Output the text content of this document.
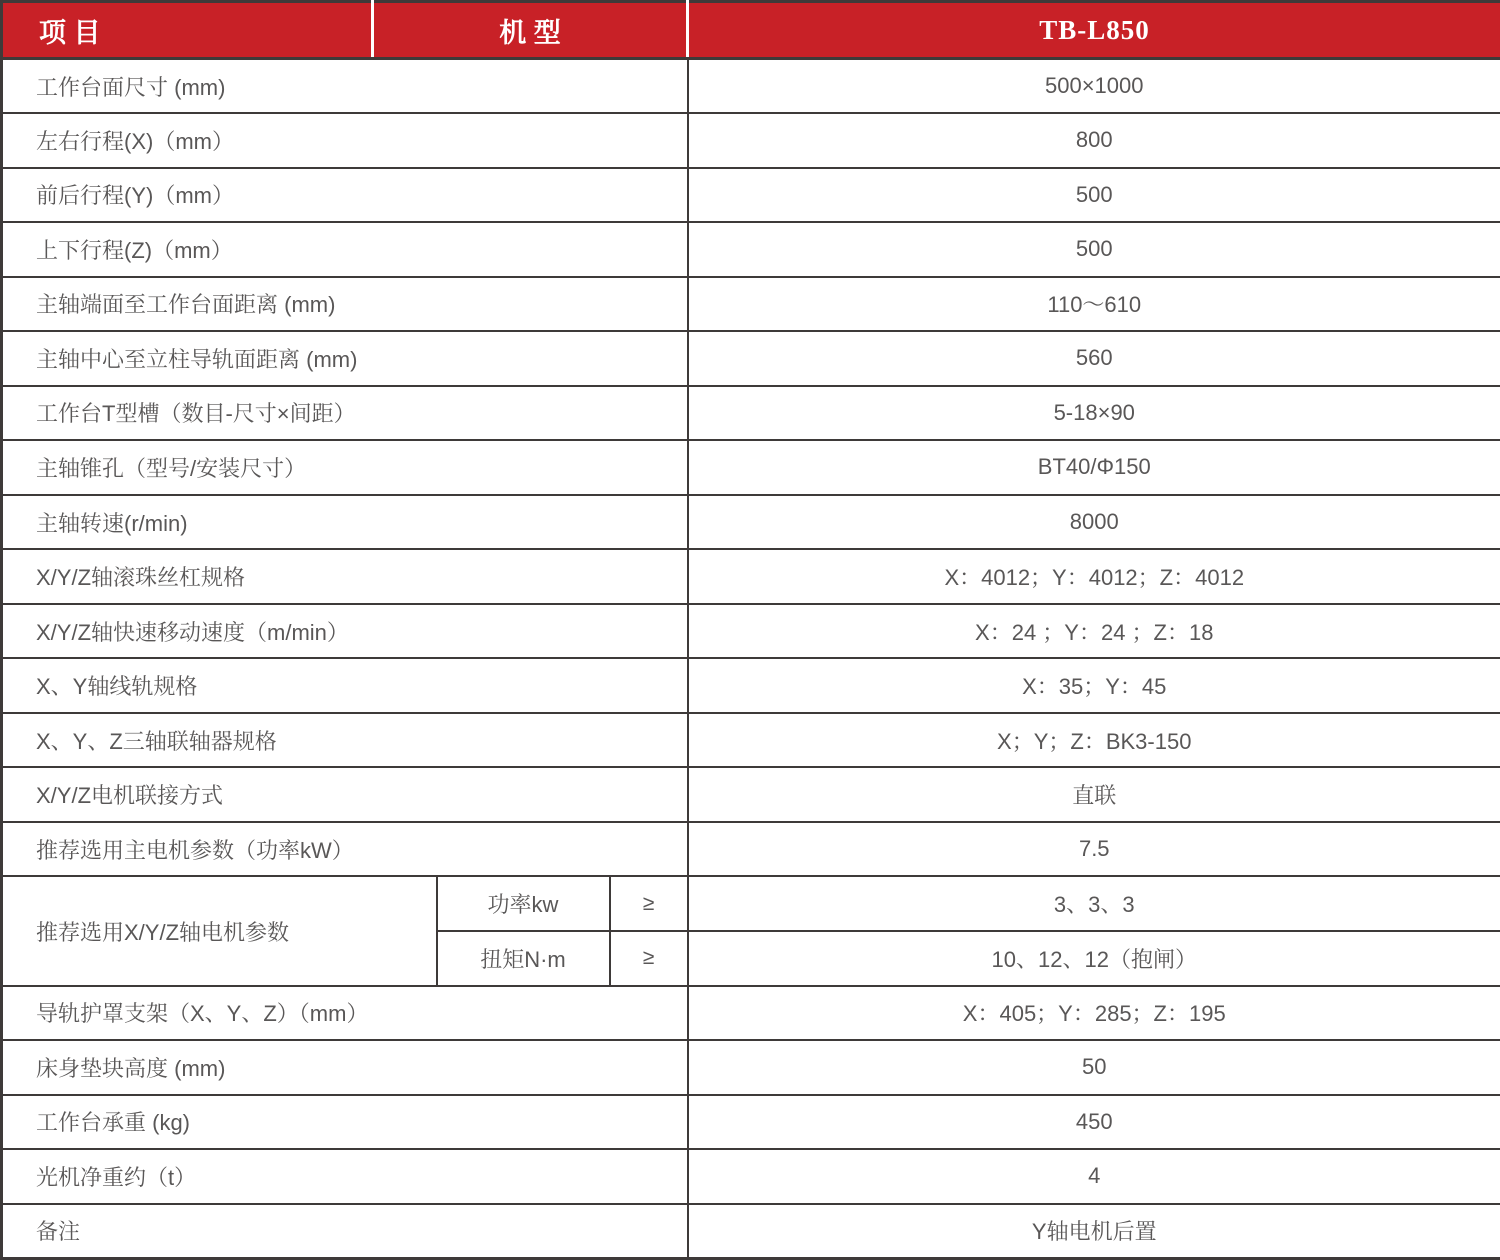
项 目	机 型			TB-L850
工作台面尺寸 (mm)				500×1000
左右行程(X)（mm）				800
前后行程(Y)（mm）				500
上下行程(Z)（mm）				500
主轴端面至工作台面距离 (mm)				110～610
主轴中心至立柱导轨面距离 (mm)				560
工作台T型槽（数目-尺寸×间距）				5-18×90
主轴锥孔（型号/安装尺寸）				BT40/Φ150
主轴转速(r/min)				8000
X/Y/Z轴滚珠丝杠规格				X：4012；Y：4012；Z：4012
X/Y/Z轴快速移动速度（m/min）				X：24 ；Y：24 ；Z：18
X、Y轴线轨规格				X：35；Y：45
X、Y、Z三轴联轴器规格				X；Y；Z：BK3-150
X/Y/Z电机联接方式				直联
推荐选用主电机参数（功率kW）				7.5
推荐选用X/Y/Z轴电机参数		功率kw	≥	3、3、3
		扭矩N·m	≥	10、12、12（抱闸）
导轨护罩支架（X、Y、Z）（mm）				X：405；Y：285；Z：195
床身垫块高度 (mm)				50
工作台承重 (kg)				450
光机净重约（t）				4
备注				Y轴电机后置
